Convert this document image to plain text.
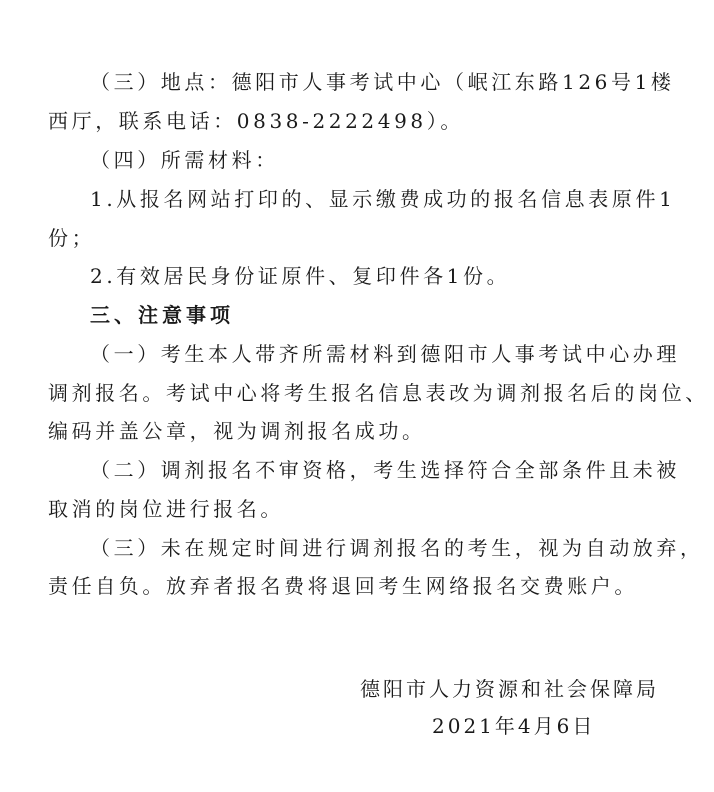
（三）地点：德阳市人事考试中心（岷江东路126号1楼
西厅，联系电话：0838-2222498）。
（四）所需材料：
1.从报名网站打印的、显示缴费成功的报名信息表原件1
份；
2.有效居民身份证原件、复印件各1份。
三、注意事项
（一）考生本人带齐所需材料到德阳市人事考试中心办理
调剂报名。考试中心将考生报名信息表改为调剂报名后的岗位、
编码并盖公章，视为调剂报名成功。
（二）调剂报名不审资格，考生选择符合全部条件且未被
取消的岗位进行报名。
（三）未在规定时间进行调剂报名的考生，视为自动放弃，
责任自负。放弃者报名费将退回考生网络报名交费账户。
德阳市人力资源和社会保障局
2021年4月6日
